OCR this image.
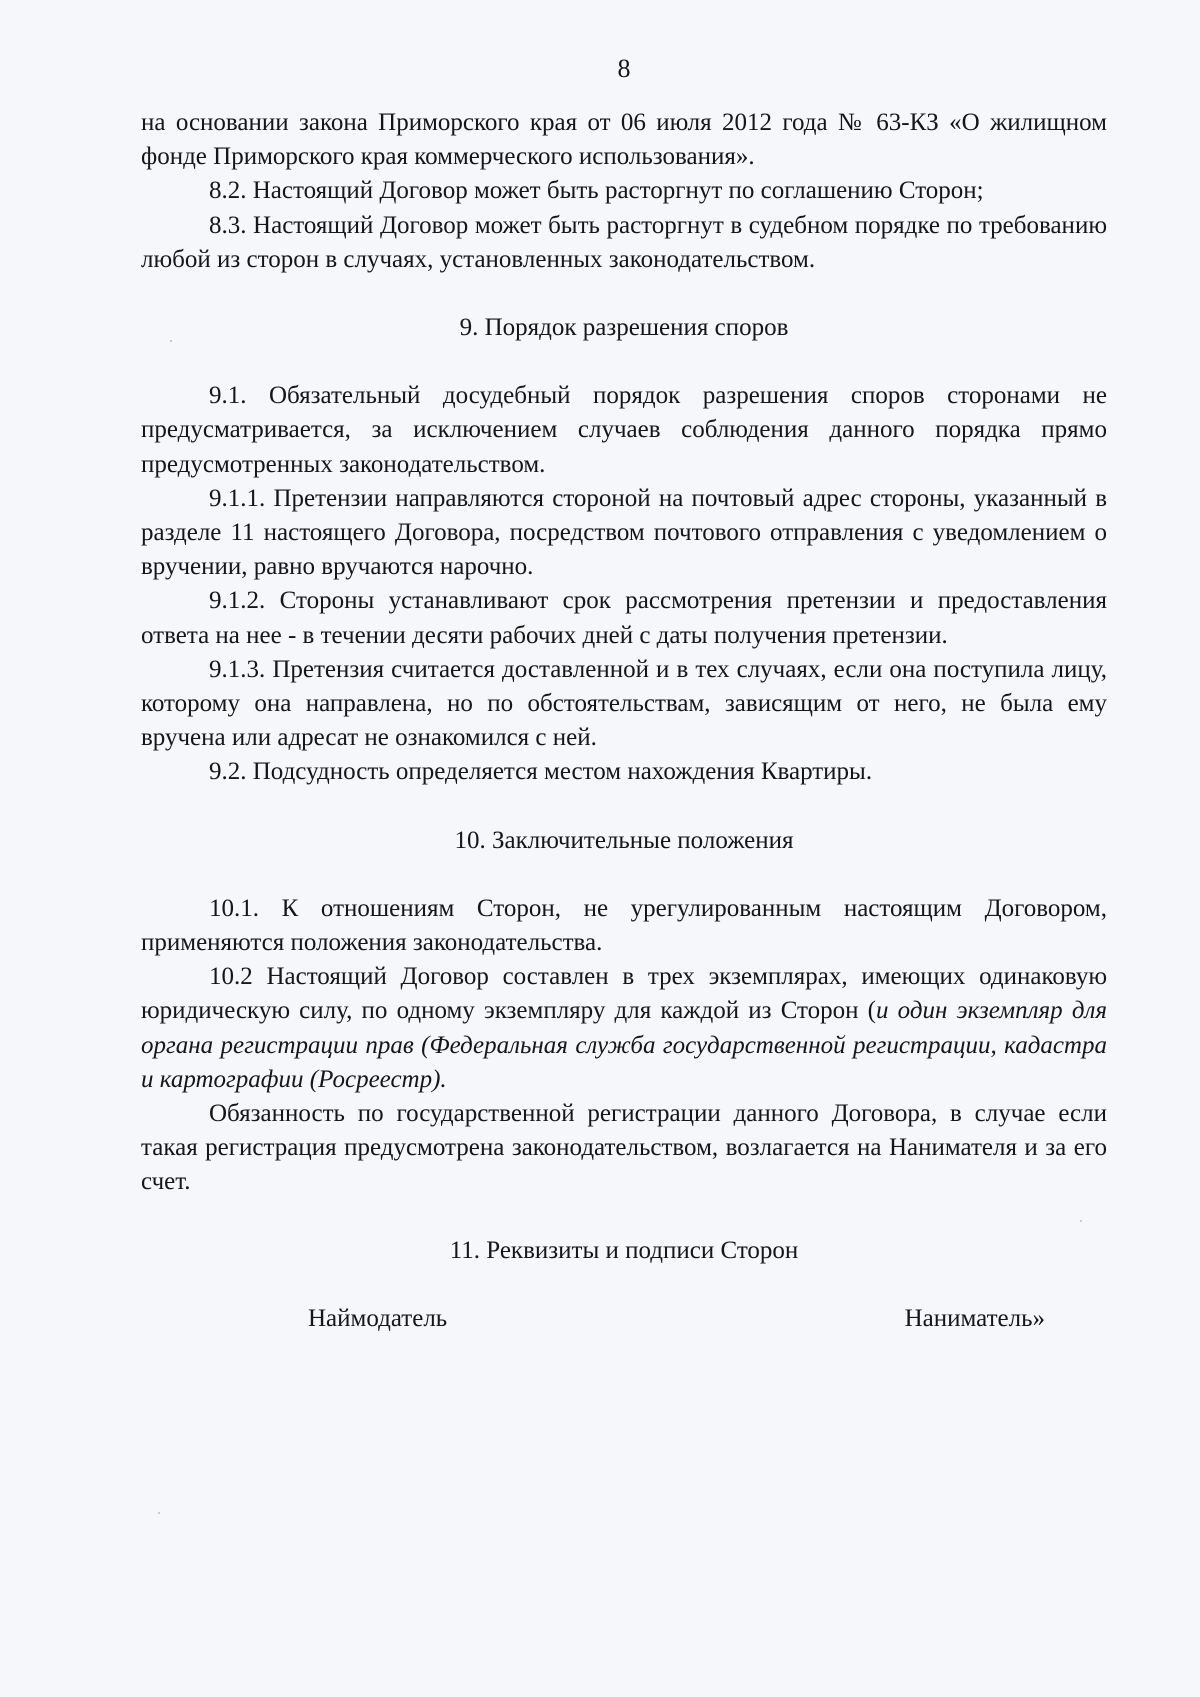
8

на основании закона Приморского края от 06 июля 2012 года № 63-КЗ «О жилищном фонде Приморского края коммерческого использования».

8.2. Настоящий Договор может быть расторгнут по соглашению Сторон;

8.3. Настоящий Договор может быть расторгнут в судебном порядке по требованию любой из сторон в случаях, установленных законодательством.

9. Порядок разрешения споров

9.1. Обязательный досудебный порядок разрешения споров сторонами не предусматривается, за исключением случаев соблюдения данного порядка прямо предусмотренных законодательством.

9.1.1. Претензии направляются стороной на почтовый адрес стороны, указанный в разделе 11 настоящего Договора, посредством почтового отправления с уведомлением о вручении, равно вручаются нарочно.

9.1.2. Стороны устанавливают срок рассмотрения претензии и предоставления ответа на нее - в течении десяти рабочих дней с даты получения претензии.

9.1.3. Претензия считается доставленной и в тех случаях, если она поступила лицу, которому она направлена, но по обстоятельствам, зависящим от него, не была ему вручена или адресат не ознакомился с ней.

9.2. Подсудность определяется местом нахождения Квартиры.

10. Заключительные положения

10.1. К отношениям Сторон, не урегулированным настоящим Договором, применяются положения законодательства.

10.2 Настоящий Договор составлен в трех экземплярах, имеющих одинаковую юридическую силу, по одному экземпляру для каждой из Сторон (и один экземпляр для органа регистрации прав (Федеральная служба государственной регистрации, кадастра и картографии (Росреестр).

Обязанность по государственной регистрации данного Договора, в случае если такая регистрация предусмотрена законодательством, возлагается на Нанимателя и за его счет.

11. Реквизиты и подписи Сторон
Наймодатель	Наниматель»
